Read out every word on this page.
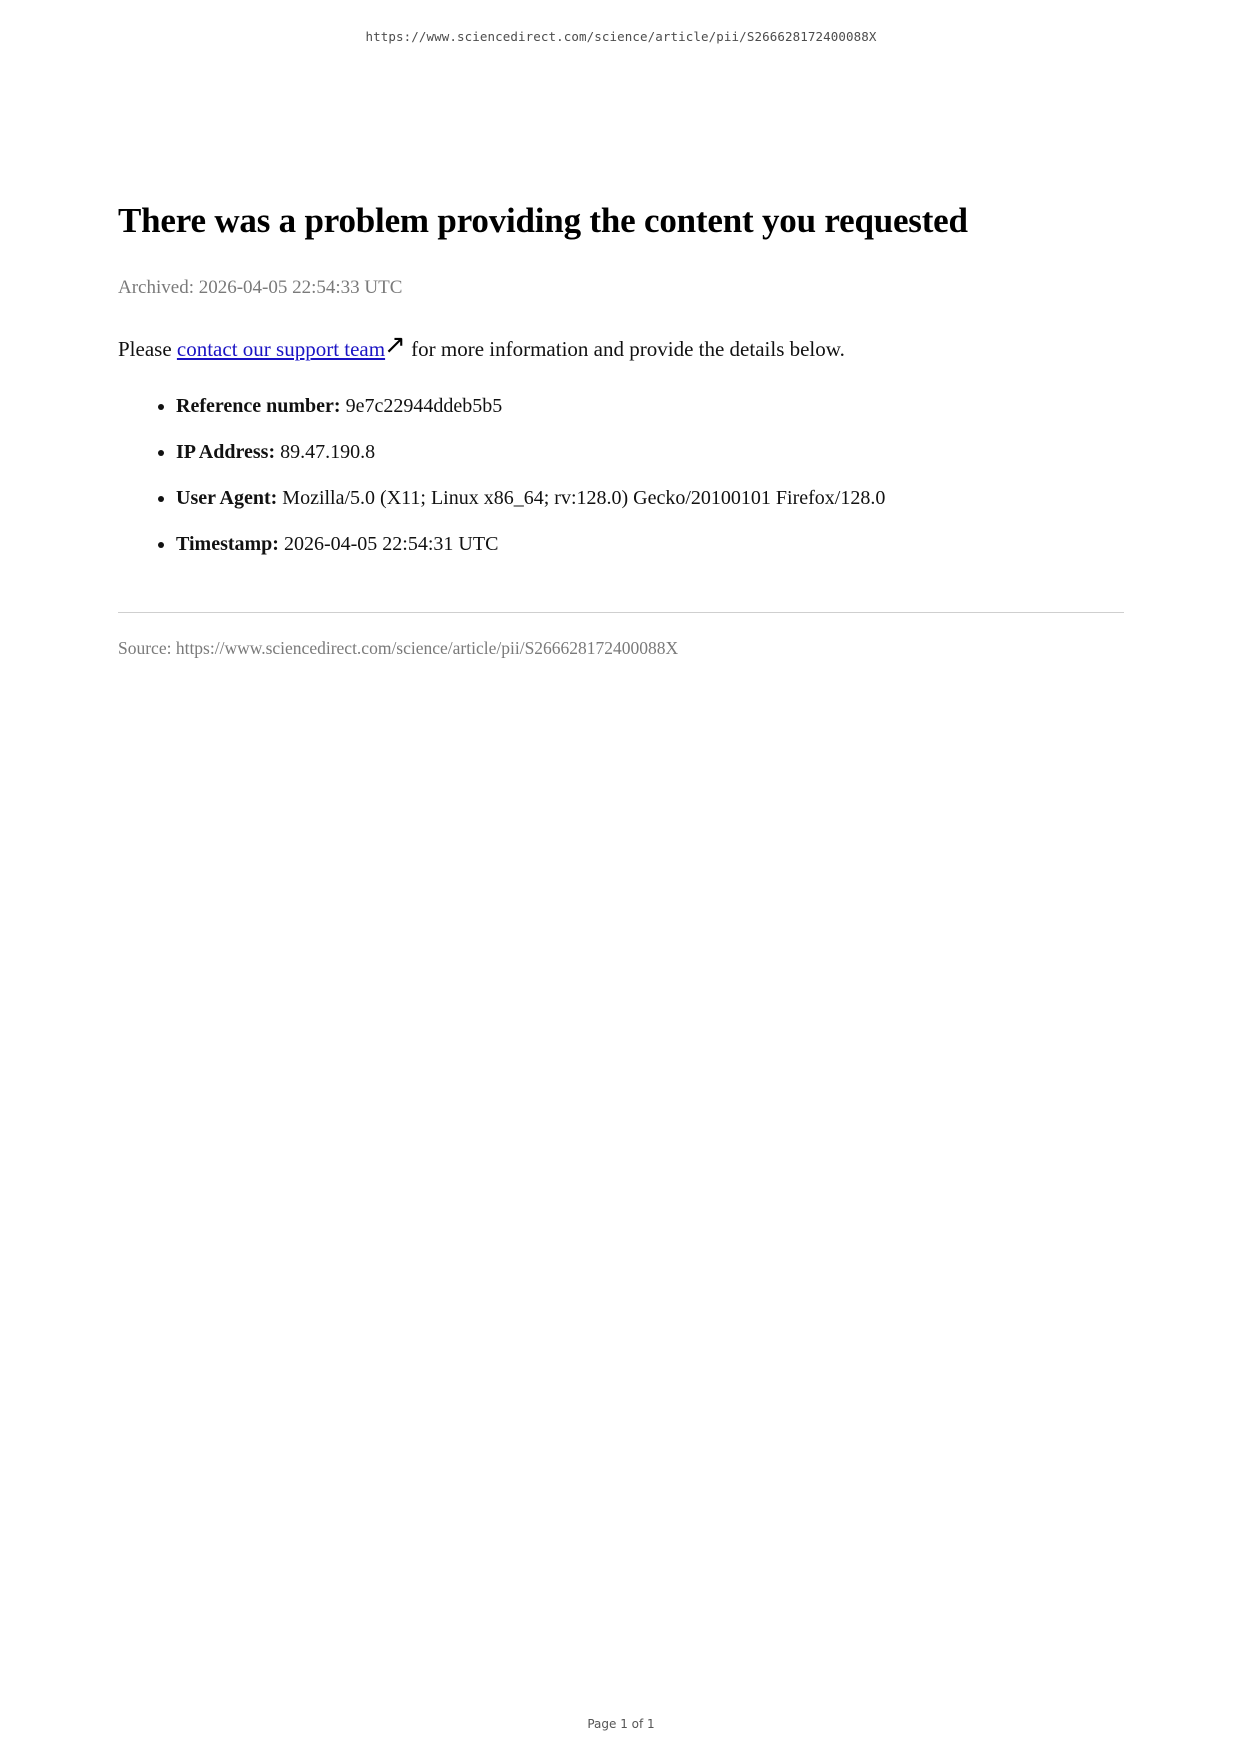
https://www.sciencedirect.com/science/article/pii/S266628172400088X
There was a problem providing the content you requested
Archived: 2026-04-05 22:54:33 UTC

Please contact our support team↗ for more information and provide the details below.

• Reference number: 9e7c22944ddeb5b5
• IP Address: 89.47.190.8
• User Agent: Mozilla/5.0 (X11; Linux x86_64; rv:128.0) Gecko/20100101 Firefox/128.0
• Timestamp: 2026-04-05 22:54:31 UTC
Source: https://www.sciencedirect.com/science/article/pii/S266628172400088X
Page 1 of 1
